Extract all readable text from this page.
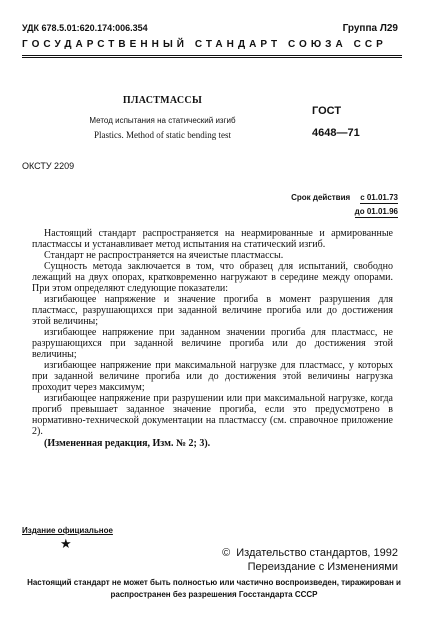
УДК 678.5.01:620.174:006.354	Группа Л29
ГОСУДАРСТВЕННЫЙ СТАНДАРТ СОЮЗА ССР
ПЛАСТМАССЫ
Метод испытания на статический изгиб
Plastics. Method of static bending test
ГОСТ
4648—71
ОКСТУ 2209
Срок действия с 01.01.73
до 01.01.96

Настоящий стандарт распространяется на неармированные и армированные пластмассы и устанавливает метод испытания на статический изгиб.

Стандарт не распространяется на ячеистые пластмассы.

Сущность метода заключается в том, что образец для испытаний, свободно лежащий на двух опорах, кратковременно нагружают в середине между опорами. При этом определяют следующие показатели:

изгибающее напряжение и значение прогиба в момент разрушения для пластмасс, разрушающихся при заданной величине прогиба или до достижения этой величины;

изгибающее напряжение при заданном значении прогиба для пластмасс, не разрушающихся при заданной величине прогиба или до достижения этой величины;

изгибающее напряжение при максимальной нагрузке для пластмасс, у которых при заданной величине прогиба или до достижения этой величины нагрузка проходит через максимум;

изгибающее напряжение при разрушении или при максимальной нагрузке, когда прогиб превышает заданное значение прогиба, если это предусмотрено в нормативно-технической документации на пластмассу (см. справочное приложение 2).

(Измененная редакция, Изм. № 2; 3).

Издание официальное
★
© Издательство стандартов, 1992
Переиздание с Изменениями
Настоящий стандарт не может быть полностью или частично воспроизведен, тиражирован и распространен без разрешения Госстандарта СССР
